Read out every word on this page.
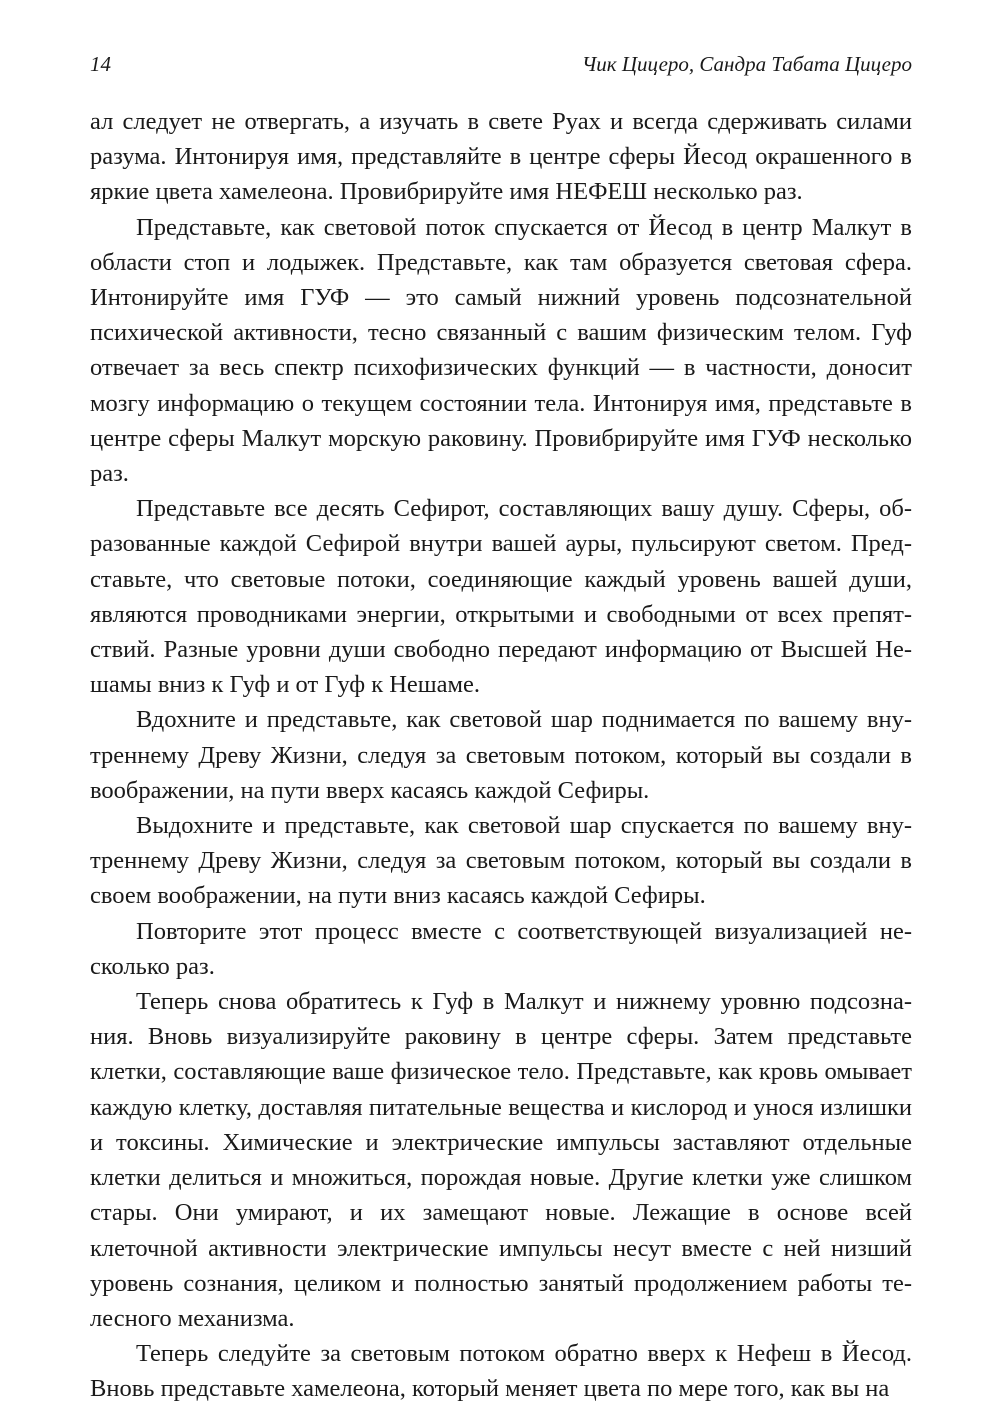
14	Чик Цицеро, Сандра Табата Цицеро

ал следует не отвергать, а изучать в свете Руах и всегда сдерживать силами разума. Интонируя имя, представляйте в центре сферы Йесод окрашенного в яркие цвета хамелеона. Провибрируйте имя НЕФЕШ несколько раз.

Представьте, как световой поток спускается от Йесод в центр Малкут в области стоп и лодыжек. Представьте, как там образуется световая сфера. Интонируйте имя ГУФ — это самый нижний уровень подсознательной психической активности, тесно связанный с вашим физическим телом. Гуф отвечает за весь спектр психофизических функций — в частности, доносит мозгу информацию о текущем состоянии тела. Интонируя имя, представьте в центре сферы Малкут морскую раковину. Провибрируйте имя ГУФ несколько раз.

Представьте все десять Сефирот, составляющих вашу душу. Сферы, образованные каждой Сефирой внутри вашей ауры, пульсируют светом. Представьте, что световые потоки, соединяющие каждый уровень вашей души, являются проводниками энергии, открытыми и свободными от всех препятствий. Разные уровни души свободно передают информацию от Высшей Нешамы вниз к Гуф и от Гуф к Нешаме.

Вдохните и представьте, как световой шар поднимается по вашему внутреннему Древу Жизни, следуя за световым потоком, который вы создали в воображении, на пути вверх касаясь каждой Сефиры.

Выдохните и представьте, как световой шар спускается по вашему внутреннему Древу Жизни, следуя за световым потоком, который вы создали в своем воображении, на пути вниз касаясь каждой Сефиры.

Повторите этот процесс вместе с соответствующей визуализацией несколько раз.

Теперь снова обратитесь к Гуф в Малкут и нижнему уровню подсознания. Вновь визуализируйте раковину в центре сферы. Затем представьте клетки, составляющие ваше физическое тело. Представьте, как кровь омывает каждую клетку, доставляя питательные вещества и кислород и унося излишки и токсины. Химические и электрические импульсы заставляют отдельные клетки делиться и множиться, порождая новые. Другие клетки уже слишком стары. Они умирают, и их замещают новые. Лежащие в основе всей клеточной активности электрические импульсы несут вместе с ней низший уровень сознания, целиком и полностью занятый продолжением работы телесного механизма.

Теперь следуйте за световым потоком обратно вверх к Нефеш в Йесод. Вновь представьте хамелеона, который меняет цвета по мере того, как вы на
